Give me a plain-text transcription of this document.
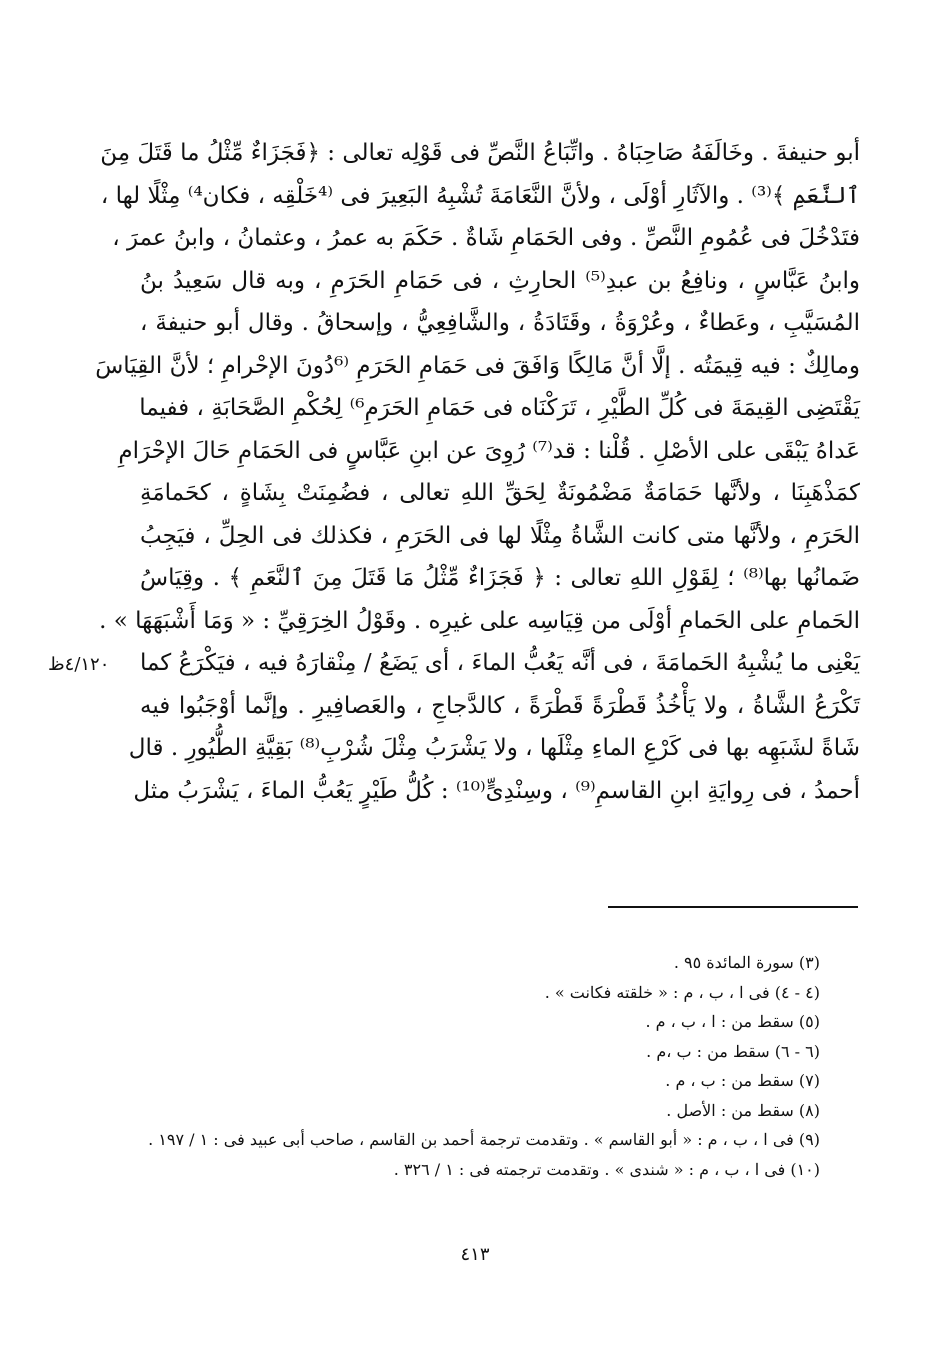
أبو حنيفةَ . وخَالَفَهُ صَاحِبَاهُ . واتِّبَاعُ النَّصِّ فى قَوْلِه تعالى : ﴿فَجَزَاءٌ مِّثْلُ ما قَتَلَ مِنَ
ٱلنَّعَمِ ﴾⁽³⁾ . والآثَارِ أوْلَى ، ولأنَّ النَّعَامَةَ تُشْبِهُ البَعِيرَ فى ⁽⁴خَلْقِه ، فكان⁴⁾ مِثْلًا لها ،
فتَدْخُلَ فى عُمُومِ النَّصِّ . وفى الحَمَامِ شَاةٌ . حَكَمَ به عمرُ ، وعثمانُ ، وابنُ عمرَ ،
وابنُ عَبَّاسٍ ، ونافِعُ بن عبدِ⁽⁵⁾ الحارِثِ ، فى حَمَامِ الحَرَمِ ، وبه قال سَعِيدُ بنُ
المُسَيَّبِ ، وعَطاءٌ ، وعُرْوَةُ ، وقَتَادَةُ ، والشَّافِعِيُّ ، وإسحاقُ . وقال أبو حنيفةَ ،
ومالِكٌ : فيه قِيمَتُه . إلَّا أنَّ مَالِكًا وَافَقَ فى حَمَامِ الحَرَمِ ⁽⁶دُونَ الإحْرامِ ؛ لأنَّ القِيَاسَ
يَقْتَضِى القِيمَةَ فى كُلِّ الطَّيْرِ ، تَرَكْنَاه فى حَمَامِ الحَرَمِ⁶⁾ لِحُكْمِ الصَّحَابَةِ ، ففيما
عَداهُ يَبْقَى على الأصْلِ . قُلْنا : قد⁽⁷⁾ رُوِىَ عن ابنِ عَبَّاسٍ فى الحَمَامِ حَالَ الإحْرَامِ
كمَذْهَبِنَا ، ولأنَّها حَمَامَةٌ مَضْمُونَةٌ لِحَقِّ اللهِ تعالى ، فضُمِنَتْ بِشَاةٍ ، كحَمامَةِ
الحَرَمِ ، ولأنَّها متى كانت الشَّاةُ مِثْلًا لها فى الحَرَمِ ، فكذلك فى الحِلِّ ، فيَجِبُ
ضَمانُها بها⁽⁸⁾ ؛ لِقَوْلِ اللهِ تعالى : ﴿ فَجَزَاءٌ مِّثْلُ مَا قَتَلَ مِنَ ٱلنَّعَمِ ﴾ . وقِيَاسُ
الحَمامِ على الحَمامِ أوْلَى من قِيَاسِه على غيرِه . وقَوْلُ الخِرَقِيِّ : « وَمَا أَشْبَهَهَا » .
يَعْنِى ما يُشْبِهُ الحَمامَةَ ، فى أنَّه يَعُبُّ الماءَ ، أى يَضَعُ / مِنْقارَهُ فيه ، فيَكْرَعُ كما
تَكْرَعُ الشَّاةُ ، ولا يَأْخُذُ قَطْرَةً قَطْرَةً ، كالدَّجاجِ ، والعَصافِيرِ . وإنَّما أوْجَبُوا فيه
شَاةً لشَبَهِه بها فى كَرْعِ الماءِ مِثْلَها ، ولا يَشْرَبُ مِثْلَ شُرْبِ⁽⁸⁾ بَقِيَّةِ الطُّيُورِ . قال
أحمدُ ، فى رِوايَةِ ابنِ القاسمِ⁽⁹⁾ ، وسِنْدِىٍّ⁽¹⁰⁾ : كُلُّ طَيْرٍ يَعُبُّ الماءَ ، يَشْرَبُ مثل
٤/١٢٠ظ
(٣) سورة المائدة ٩٥ .
(٤ - ٤) فى ا ، ب ، م : « خلقته فكانت » .
(٥) سقط من : ا ، ب ، م .
(٦ - ٦) سقط من : ب ،م .
(٧) سقط من : ب ، م .
(٨) سقط من : الأصل .
(٩) فى ا ، ب ، م : « أبو القاسم » . وتقدمت ترجمة أحمد بن القاسم ، صاحب أبى عبيد فى : ١ / ١٩٧ .
(١٠) فى ا ، ب ، م : « شندى » . وتقدمت ترجمته فى : ١ / ٣٢٦ .
٤١٣
